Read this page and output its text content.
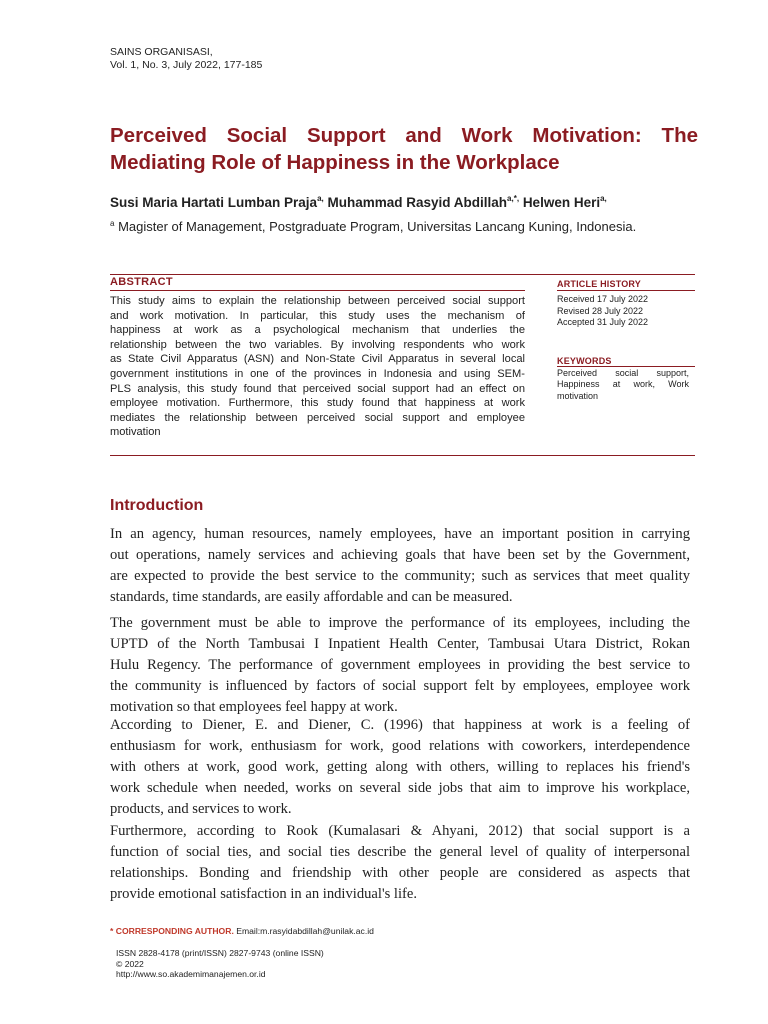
SAINS ORGANISASI,
Vol. 1, No. 3, July 2022, 177-185
Perceived Social Support and Work Motivation: The
Mediating Role of Happiness in the Workplace
Susi Maria Hartati Lumban Praja$^{a,}$ Muhammad Rasyid Abdillah$^{a,*,}$ Helwen Heri$^{a,}$
$^a$ Magister of Management, Postgraduate Program, Universitas Lancang Kuning, Indonesia.
ABSTRACT
This study aims to explain the relationship between perceived social support
and work motivation. In particular, this study uses the mechanism of
happiness at work as a psychological mechanism that underlies the
relationship between the two variables. By involving respondents who work
as State Civil Apparatus (ASN) and Non-State Civil Apparatus in several local
government institutions in one of the provinces in Indonesia and using SEM-
PLS analysis, this study found that perceived social support had an effect on
employee motivation. Furthermore, this study found that happiness at work
mediates the relationship between perceived social support and employee
motivation
ARTICLE HISTORY
Received 17 July 2022
Revised 28 July 2022
Accepted 31 July 2022
KEYWORDS
Perceived social support,
Happiness at work, Work
motivation
Introduction
In an agency, human resources, namely employees, have an important position in carrying
out operations, namely services and achieving goals that have been set by the Government,
are expected to provide the best service to the community; such as services that meet quality
standards, time standards, are easily affordable and can be measured.
The government must be able to improve the performance of its employees, including the
UPTD of the North Tambusai I Inpatient Health Center, Tambusai Utara District, Rokan
Hulu Regency. The performance of government employees in providing the best service to
the community is influenced by factors of social support felt by employees, employee work
motivation so that employees feel happy at work.
According to Diener, E. and Diener, C. (1996) that happiness at work is a feeling of
enthusiasm for work, enthusiasm for work, good relations with coworkers, interdependence
with others at work, good work, getting along with others, willing to replaces his friend's
work schedule when needed, works on several side jobs that aim to improve his workplace,
products, and services to work.
Furthermore, according to Rook (Kumalasari & Ahyani, 2012) that social support is a
function of social ties, and social ties describe the general level of quality of interpersonal
relationships. Bonding and friendship with other people are considered as aspects that
provide emotional satisfaction in an individual's life.
* CORRESPONDING AUTHOR. Email:m.rasyidabdillah@unilak.ac.id
ISSN 2828-4178 (print/ISSN) 2827-9743 (online ISSN)
© 2022
http://www.so.akademimanajemen.or.id
